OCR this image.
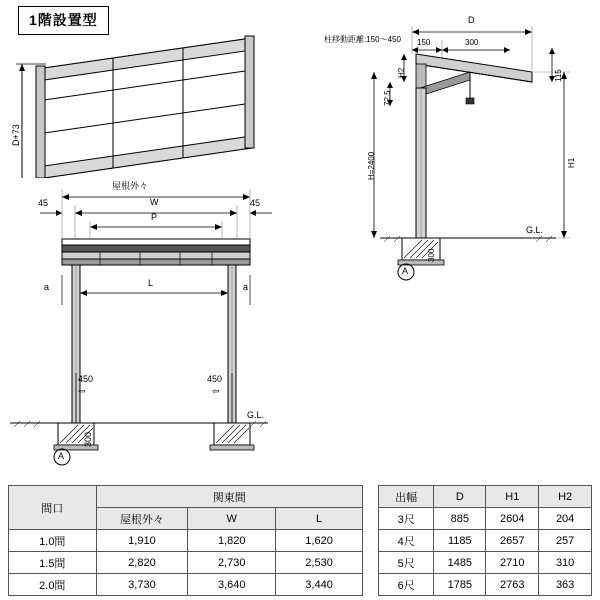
1階設置型
D+73
屋根外々
W
45	45
P
L
a	a
450
⇦
450
⇦
G.L.
A
300
柱移動距離:150～450
D
150	300
115
H2
72.5
H=2400	H1
G.L.
A
300
間口	関東間		
	屋根外々	W	L
1.0間	1,910	1,820	1,620
1.5間	2,820	2,730	2,530
2.0間	3,730	3,640	3,440
出幅	D	H1	H2
3尺	885	2604	204
4尺	1185	2657	257
5尺	1485	2710	310
6尺	1785	2763	363
